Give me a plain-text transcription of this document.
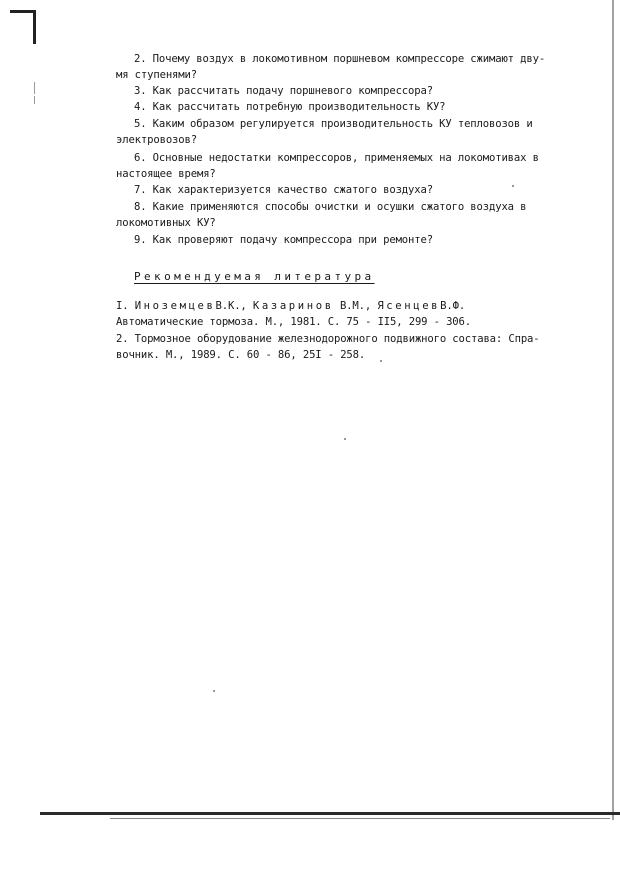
2. Почему воздух в локомотивном поршневом компрессоре сжимают дву-
мя ступенями?
3. Как рассчитать подачу поршневого компрессора?
4. Как рассчитать потребную производительность КУ?
5. Каким образом регулируется производительность КУ тепловозов и
электровозов?
6. Основные недостатки компрессоров, применяемых на локомотивах в
настоящее время?
7. Как характеризуется качество сжатого воздуха?
8. Какие применяются способы очистки и осушки сжатого воздуха в
локомотивных КУ?
9. Как проверяют подачу компрессора при ремонте?
Рекомендуемая литература
I. ИноземцевВ.К., Казаринов В.М., ЯсенцевВ.Ф.
Автоматические тормоза. М., 1981. С. 75 - II5, 299 - 306.
2. Тормозное оборудование железнодорожного подвижного состава: Спра-
вочник. М., 1989. С. 60 - 86, 25I - 258.
